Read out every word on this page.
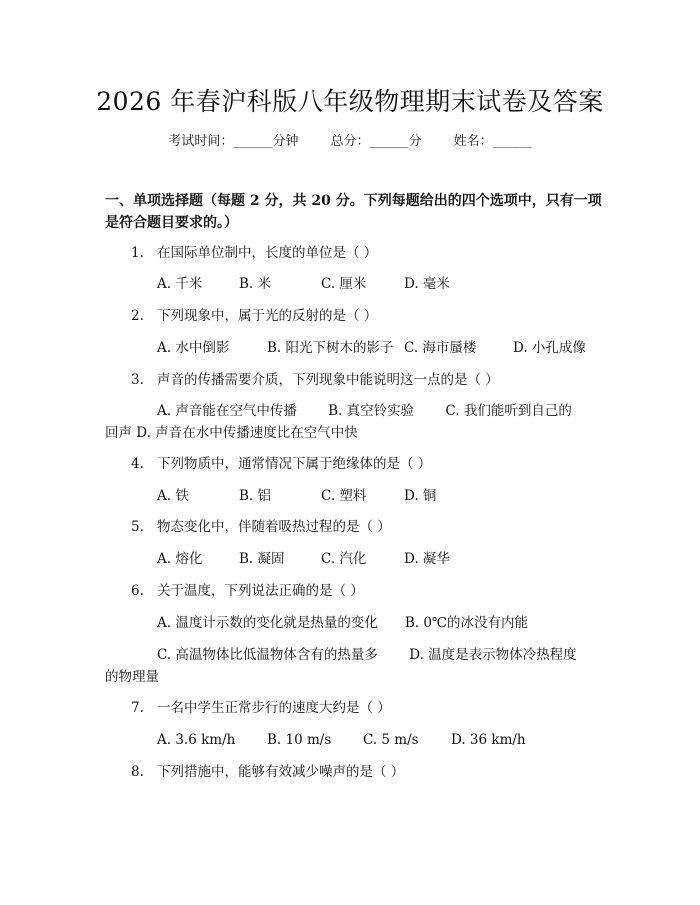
2026 年春沪科版八年级物理期末试卷及答案
考试时间：______分钟 总分：______分 姓名：______
一、单项选择题（每题 2 分，共 20 分。下列每题给出的四个选项中，只有一项是符合题目要求的。）
1. 在国际单位制中，长度的单位是（ ）
A. 千米	B. 米	C. 厘米	D. 毫米
2. 下列现象中，属于光的反射的是（ ）
A. 水中倒影	B. 阳光下树木的影子 C. 海市蜃楼	D. 小孔成像
3. 声音的传播需要介质，下列现象中能说明这一点的是（ ）
A. 声音能在空气中传播　　 B. 真空铃实验　　 C. 我们能听到自己的
回声 D. 声音在水中传播速度比在空气中快
4. 下列物质中，通常情况下属于绝缘体的是（ ）
A. 铁	B. 铝	C. 塑料	D. 铜
5. 物态变化中，伴随着吸热过程的是（ ）
A. 熔化	B. 凝固	C. 汽化	D. 凝华
6. 关于温度，下列说法正确的是（ ）
A. 温度计示数的变化就是热量的变化　　B. 0℃的冰没有内能
C. 高温物体比低温物体含有的热量多　　 D. 温度是表示物体冷热程度
的物理量
7. 一名中学生正常步行的速度大约是（ ）
A. 3.6 km/h B. 10 m/s C. 5 m/s D. 36 km/h
8. 下列措施中，能够有效减少噪声的是（ ）
